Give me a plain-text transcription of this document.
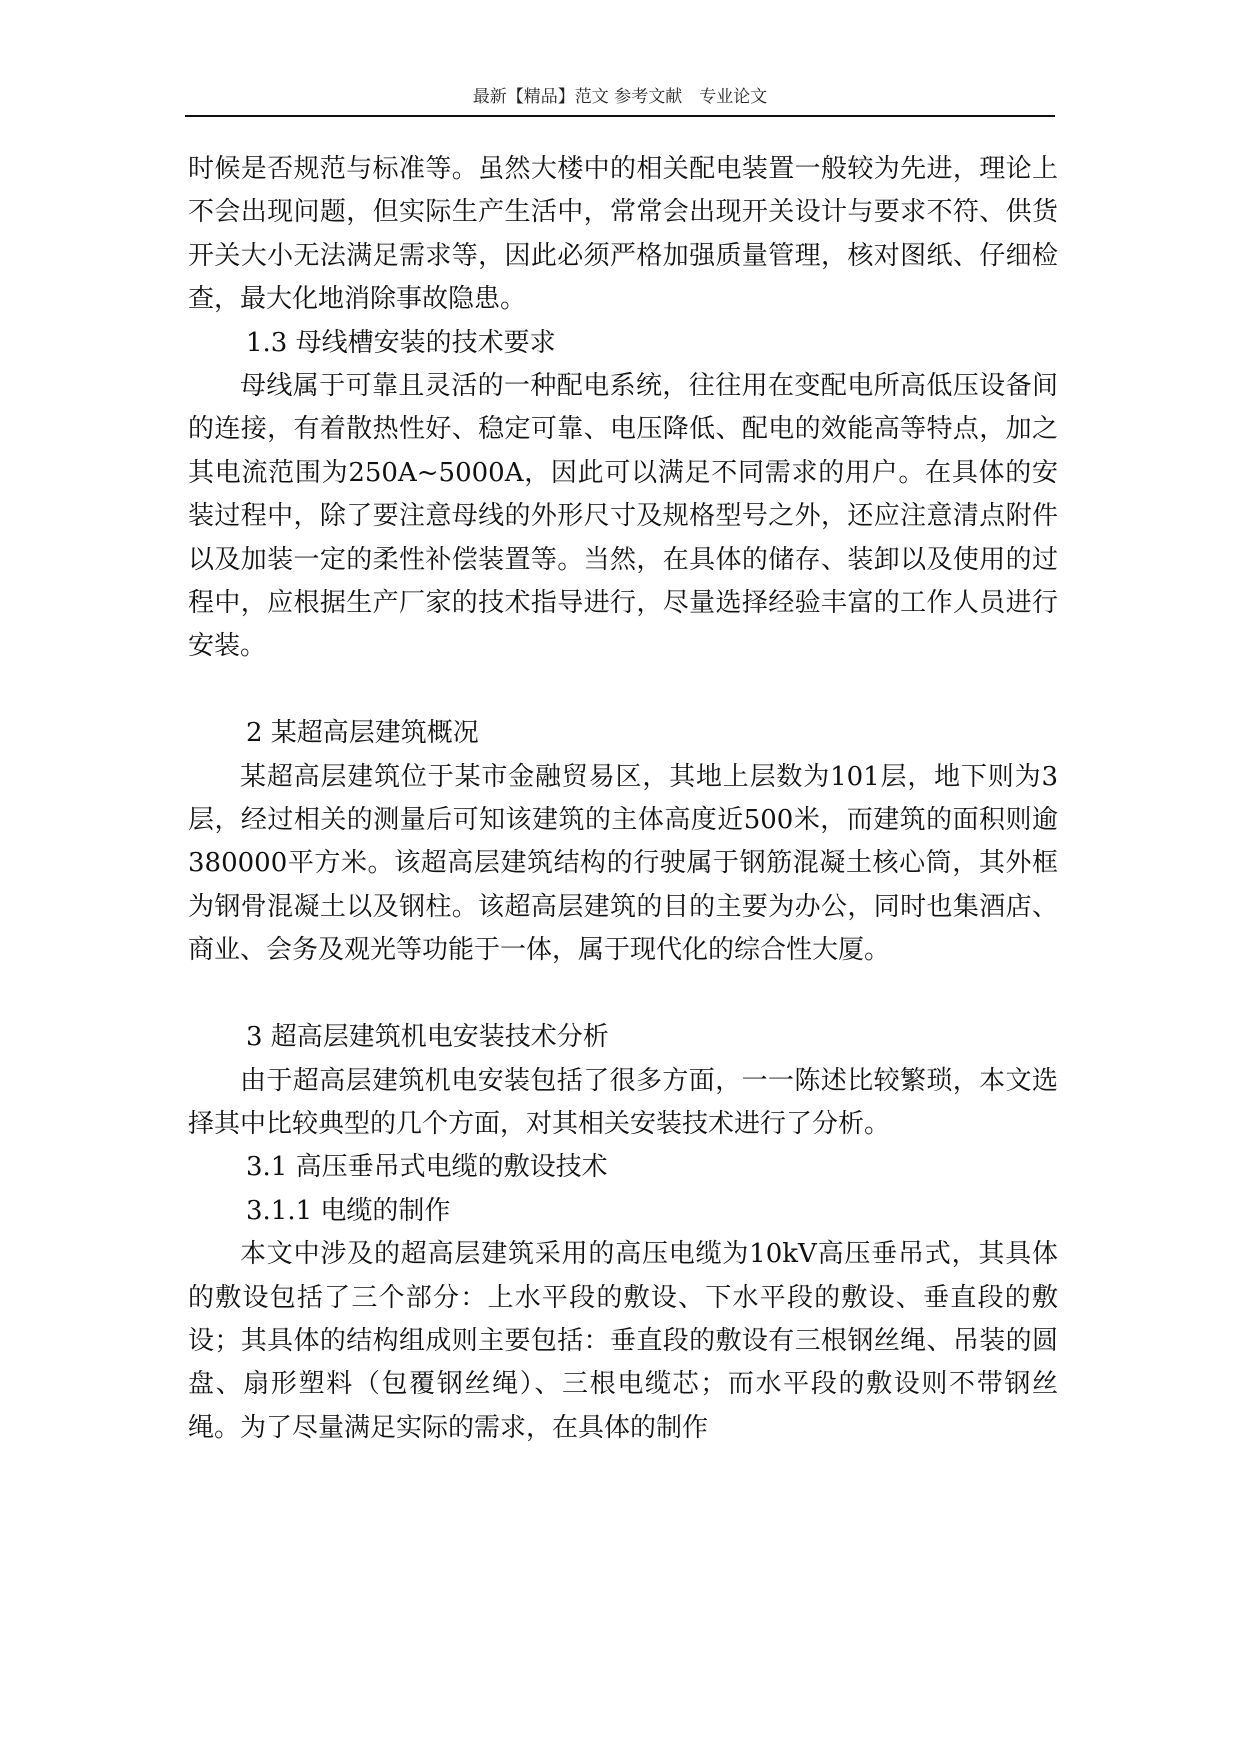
最新【精品】范文 参考文献　专业论文

时候是否规范与标准等。虽然大楼中的相关配电装置一般较为先进，理论上不会出现问题，但实际生产生活中，常常会出现开关设计与要求不符、供货开关大小无法满足需求等，因此必须严格加强质量管理，核对图纸、仔细检查，最大化地消除事故隐患。

1.3 母线槽安装的技术要求

母线属于可靠且灵活的一种配电系统，往往用在变配电所高低压设备间的连接，有着散热性好、稳定可靠、电压降低、配电的效能高等特点，加之其电流范围为250A~5000A，因此可以满足不同需求的用户。在具体的安装过程中，除了要注意母线的外形尺寸及规格型号之外，还应注意清点附件以及加装一定的柔性补偿装置等。当然，在具体的储存、装卸以及使用的过程中，应根据生产厂家的技术指导进行，尽量选择经验丰富的工作人员进行安装。

2 某超高层建筑概况

某超高层建筑位于某市金融贸易区，其地上层数为101层，地下则为3层，经过相关的测量后可知该建筑的主体高度近500米，而建筑的面积则逾380000平方米。该超高层建筑结构的行驶属于钢筋混凝土核心筒，其外框为钢骨混凝土以及钢柱。该超高层建筑的目的主要为办公，同时也集酒店、商业、会务及观光等功能于一体，属于现代化的综合性大厦。

3 超高层建筑机电安装技术分析

由于超高层建筑机电安装包括了很多方面，一一陈述比较繁琐，本文选择其中比较典型的几个方面，对其相关安装技术进行了分析。

3.1 高压垂吊式电缆的敷设技术

3.1.1 电缆的制作

本文中涉及的超高层建筑采用的高压电缆为10kV高压垂吊式，其具体的敷设包括了三个部分：上水平段的敷设、下水平段的敷设、垂直段的敷设；其具体的结构组成则主要包括：垂直段的敷设有三根钢丝绳、吊装的圆盘、扇形塑料（包覆钢丝绳）、三根电缆芯；而水平段的敷设则不带钢丝绳。为了尽量满足实际的需求，在具体的制作
